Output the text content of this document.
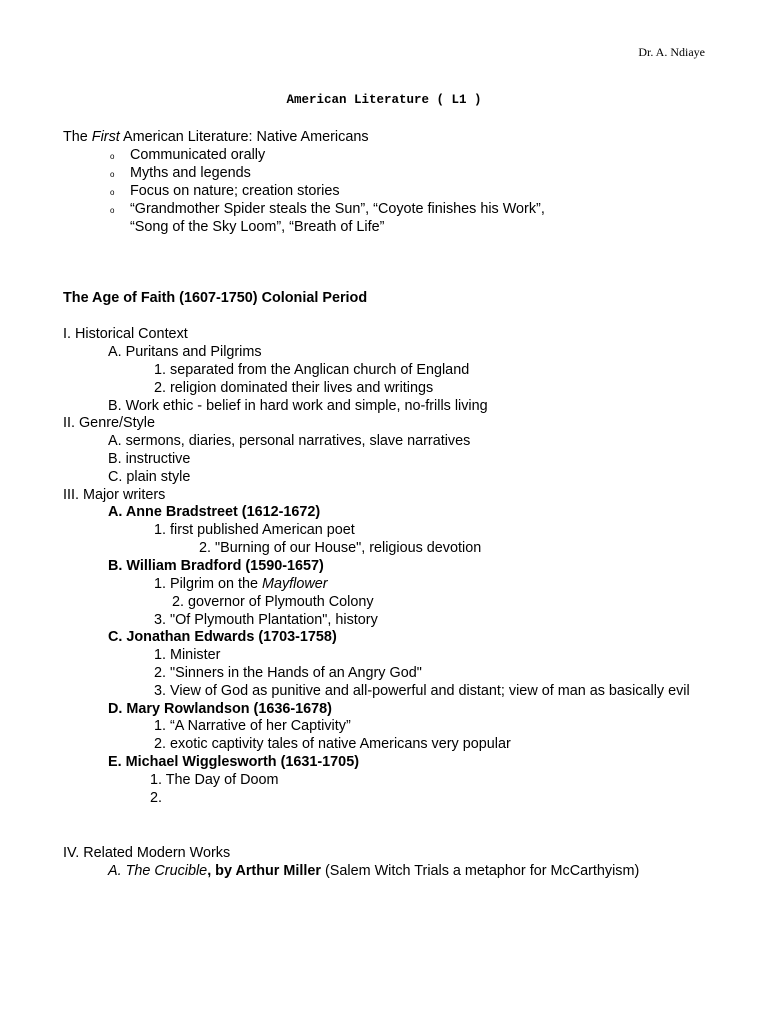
Dr. A. Ndiaye
American Literature ( L1 )
The First American Literature: Native Americans
o Communicated orally
o Myths and legends
o Focus on nature; creation stories
o “Grandmother Spider steals the Sun”, “Coyote finishes his Work”,
“Song of the Sky Loom”, “Breath of Life”
The Age of Faith (1607-1750) Colonial Period
I. Historical Context
A. Puritans and Pilgrims
1. separated from the Anglican church of England
2. religion dominated their lives and writings
B. Work ethic - belief in hard work and simple, no-frills living
II. Genre/Style
A. sermons, diaries, personal narratives, slave narratives
B. instructive
C. plain style
III. Major writers
A. Anne Bradstreet (1612-1672)
1. first published American poet
2. "Burning of our House", religious devotion
B. William Bradford (1590-1657)
1. Pilgrim on the Mayflower
2. governor of Plymouth Colony
3. "Of Plymouth Plantation", history
C. Jonathan Edwards (1703-1758)
1. Minister
2. "Sinners in the Hands of an Angry God"
3. View of God as punitive and all-powerful and distant; view of man as basically evil
D. Mary Rowlandson (1636-1678)
1. “A Narrative of her Captivity”
2. exotic captivity tales of native Americans very popular
E. Michael Wigglesworth (1631-1705)
1. The Day of Doom
2.
IV. Related Modern Works
A. The Crucible, by Arthur Miller (Salem Witch Trials a metaphor for McCarthyism)
